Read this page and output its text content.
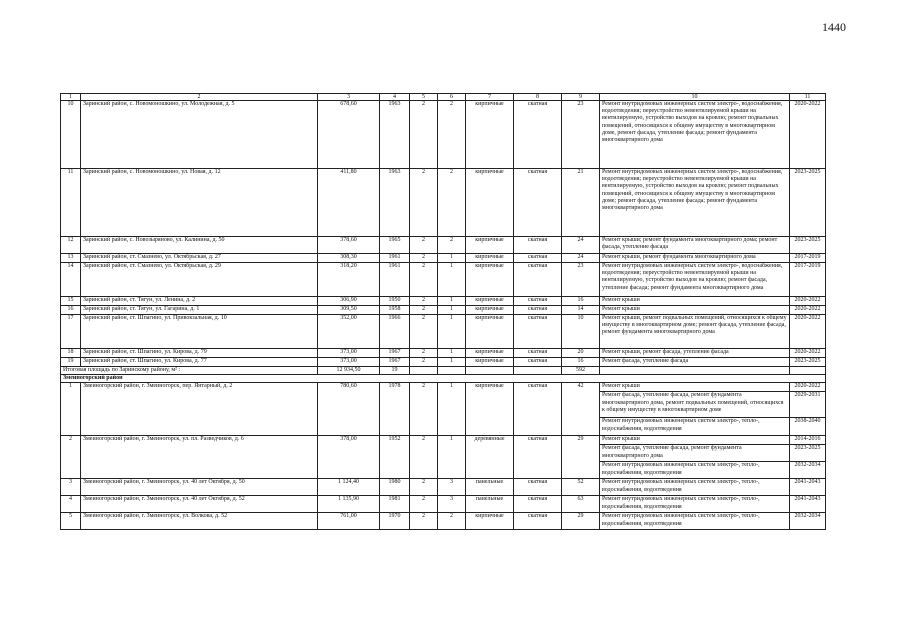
1440
1	2	3	4	5	6	7	8	9	10	11
10	Заринский район, с. Новомоношкино, ул. Молодежная, д. 5	678,60	1963	2	2	кирпичные	скатная	23	Ремонт внутридомовых инженерных систем электро-, водоснабжения, водоотведения; переустройство невентилируемой крыши на вентилируемую, устройство выходов на кровлю; ремонт подвальных помещений, относящихся к общему имуществу в многоквартирном доме, ремонт фасада, утепление фасада; ремонт фундамента многоквартирного дома	2020-2022
11	Заринский район, с. Новомоношкино, ул. Новая, д. 12	411,80	1963	2	2	кирпичные	скатная	21	Ремонт внутридомовых инженерных систем электро-, водоснабжения, водоотведения; переустройство невентилируемой крыши на вентилируемую, устройство выходов на кровлю; ремонт подвальных помещений, относящихся к общему имуществу в многоквартирном доме; ремонт фасада, утепление фасада; ремонт фундамента многоквартирного дома	2023-2025
12	Заринский район, с. Новозыряново, ул. Калинина, д. 50	378,60	1965	2	2	кирпичные	скатная	24	Ремонт крыши; ремонт фундамента многоквартирного дома; ремонт фасада, утепление фасада	2023-2025
13	Заринский район, ст. Смазнево, ул. Октябрьская, д. 27	308,30	1961	2	1	кирпичные	скатная	24	Ремонт крыши, ремонт фундамента многоквартирного дома	2017-2019
14	Заринский район, ст. Смазнево, ул. Октябрьская, д. 29	318,20	1961	2	1	кирпичные	скатная	23	Ремонт внутридомовых инженерных систем электро-, водоснабжения, водоотведения; переустройство невентилируемой крыши на вентилируемую, устройство выходов на кровлю; ремонт фасада, утепление фасада; ремонт фундамента многоквартирного дома	2017-2019
15	Заринский район, ст. Тягун, ул. Ленина, д. 2	306,90	1950	2	1	кирпичные	скатная	16	Ремонт крыши	2020-2022
16	Заринский район, ст. Тягун, ул. Гагарина, д. 1	309,50	1958	2	1	кирпичные	скатная	14	Ремонт крыши	2020-2022
17	Заринский район, ст. Шпагино, ул. Привокзальная, д. 10	352,00	1966	2	1	кирпичные	скатная	10	Ремонт крыши, ремонт подвальных помещений, относящихся к общему имуществу в многоквартирном доме; ремонт фасада, утепление фасада, ремонт фундамента многоквартирного дома	2020-2022
18	Заринский район, ст. Шпагино, ул. Кирова, д. 79	373,00	1967	2	1	кирпичные	скатная	20	Ремонт крыши, ремонт фасада, утепление фасада	2020-2022
19	Заринский район, ст. Шпагино, ул. Кирова, д. 77	373,00	1967	2	1	кирпичные	скатная	16	Ремонт фасада, утепление фасада	2023-2025
Итоговая площадь по Заринскому району, м² :		12 934,50	19					592		
Змеиногорский район										
1	Змеиногорский район, г. Змеиногорск, пер. Янтарный, д. 2	780,60	1978	2	1	кирпичные	скатная	42	Ремонт крыши	2020-2022
									Ремонт фасада, утепление фасада, ремонт фундамента многоквартирного дома, ремонт подвальных помещений, относящихся к общему имуществу в многоквартирном доме	2029-2031
									Ремонт внутридомовых инженерных систем электро-, тепло-, водоснабжения, водоотведения	2038-2040
2	Змеиногорский район, г. Змеиногорск, ул. пл. Разведчиков, д. 6	378,00	1952	2	1	деревянные	скатная	29	Ремонт крыши	2014-2016
									Ремонт фасада, утепление фасада, ремонт фундамента многоквартирного дома	2023-2025
									Ремонт внутридомовых инженерных систем электро-, тепло-, водоснабжения, водоотведения	2032-2034
3	Змеиногорский район, г. Змеиногорск, ул. 40 лет Октября, д. 50	1 124,40	1980	2	3	панельные	скатная	52	Ремонт внутридомовых инженерных систем электро-, тепло-, водоснабжения, водоотведения	2041-2043
4	Змеиногорский район, г. Змеиногорск, ул. 40 лет Октября, д. 52	1 135,90	1981	2	3	панельные	скатная	63	Ремонт внутридомовых инженерных систем электро-, тепло-, водоснабжения, водоотведения	2041-2043
5	Змеиногорский район, г. Змеиногорск, ул. Волкова, д. 52	761,00	1970	2	2	кирпичные	скатная	29	Ремонт внутридомовых инженерных систем электро-, тепло-, водоснабжения, водоотведения	2032-2034
